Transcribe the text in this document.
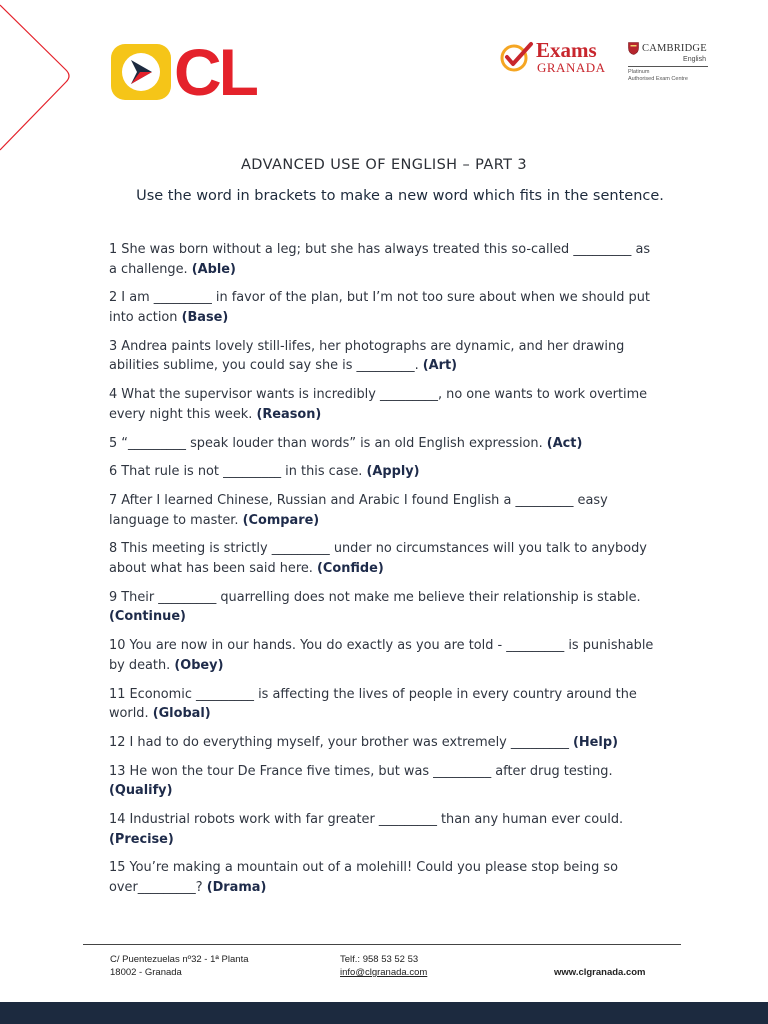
CL	Exams
GRANADA
CAMBRIDGE
English
Platinum
Authorised Exam Centre
ADVANCED USE OF ENGLISH – PART 3
Use the word in brackets to make a new word which fits in the sentence.
1 She was born without a leg; but she has always treated this so-called _________ as a challenge. (Able)
2 I am _________ in favor of the plan, but I’m not too sure about when we should put into action (Base)
3 Andrea paints lovely still-lifes, her photographs are dynamic, and her drawing abilities sublime, you could say she is _________. (Art)
4 What the supervisor wants is incredibly _________, no one wants to work overtime every night this week. (Reason)
5 “_________ speak louder than words” is an old English expression. (Act)
6 That rule is not _________ in this case. (Apply)
7 After I learned Chinese, Russian and Arabic I found English a _________ easy language to master. (Compare)
8 This meeting is strictly _________ under no circumstances will you talk to anybody about what has been said here. (Confide)
9 Their _________ quarrelling does not make me believe their relationship is stable. (Continue)
10 You are now in our hands. You do exactly as you are told - _________ is punishable by death. (Obey)
11 Economic _________ is affecting the lives of people in every country around the world. (Global)
12 I had to do everything myself, your brother was extremely _________ (Help)
13 He won the tour De France five times, but was _________ after drug testing. (Qualify)
14 Industrial robots work with far greater _________ than any human ever could. (Precise)
15 You’re making a mountain out of a molehill! Could you please stop being so over_________? (Drama)
C/ Puentezuelas nº32 - 1ª Planta
18002 - Granada
Telf.: 958 53 52 53
info@clgranada.com	www.clgranada.com
